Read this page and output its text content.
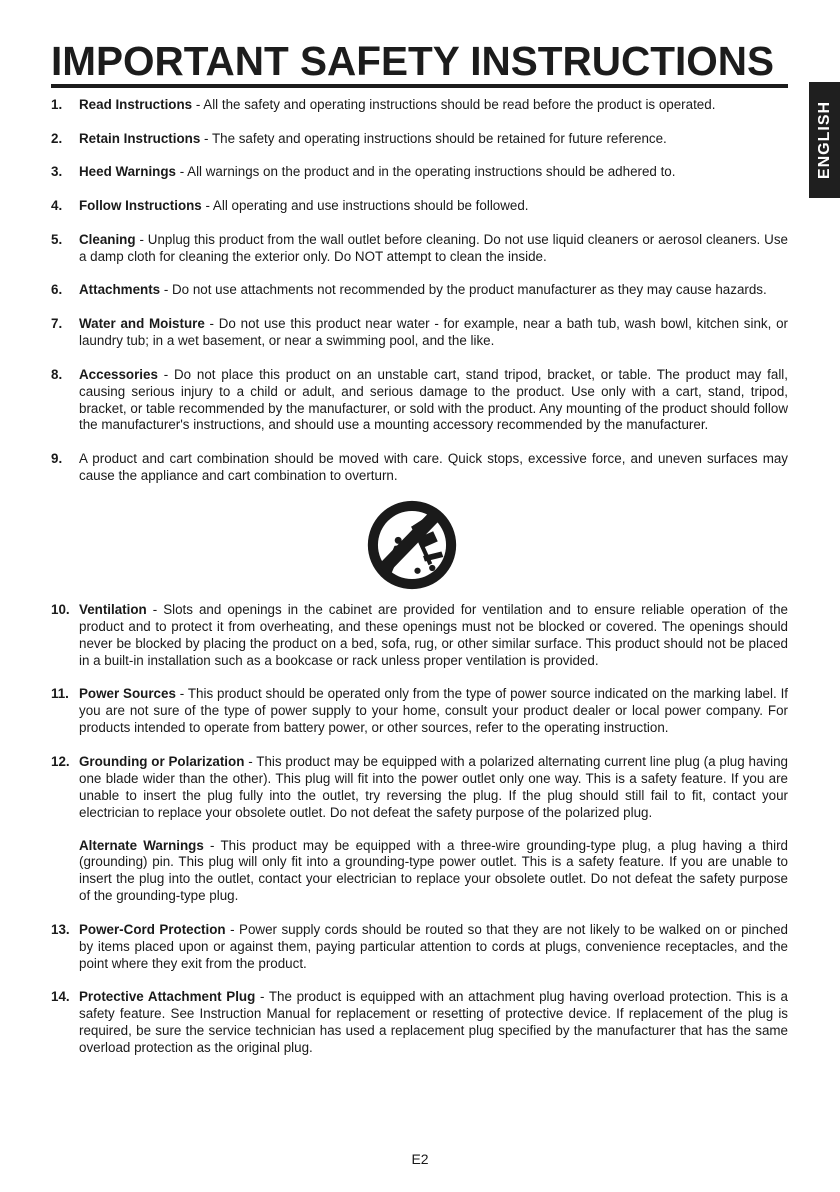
IMPORTANT SAFETY INSTRUCTIONS
ENGLISH
1. Read Instructions - All the safety and operating instructions should be read before the product is operated.
2. Retain Instructions - The safety and operating instructions should be retained for future reference.
3. Heed Warnings - All warnings on the product and in the operating instructions should be adhered to.
4. Follow Instructions - All operating and use instructions should be followed.
5. Cleaning - Unplug this product from the wall outlet before cleaning. Do not use liquid cleaners or aerosol cleaners. Use a damp cloth for cleaning the exterior only. Do NOT attempt to clean the inside.
6. Attachments - Do not use attachments not recommended by the product manufacturer as they may cause hazards.
7. Water and Moisture - Do not use this product near water - for example, near a bath tub, wash bowl, kitchen sink, or laundry tub; in a wet basement, or near a swimming pool, and the like.
8. Accessories - Do not place this product on an unstable cart, stand tripod, bracket, or table. The product may fall, causing serious injury to a child or adult, and serious damage to the product. Use only with a cart, stand, tripod, bracket, or table recommended by the manufacturer, or sold with the product. Any mounting of the product should follow the manufacturer's instructions, and should use a mounting accessory recommended by the manufacturer.
9. A product and cart combination should be moved with care. Quick stops, excessive force, and uneven surfaces may cause the appliance and cart combination to overturn.
10. Ventilation - Slots and openings in the cabinet are provided for ventilation and to ensure reliable operation of the product and to protect it from overheating, and these openings must not be blocked or covered. The openings should never be blocked by placing the product on a bed, sofa, rug, or other similar surface. This product should not be placed in a built-in installation such as a bookcase or rack unless proper ventilation is provided.
11. Power Sources - This product should be operated only from the type of power source indicated on the marking label. If you are not sure of the type of power supply to your home, consult your product dealer or local power company. For products intended to operate from battery power, or other sources, refer to the operating instruction.
12. Grounding or Polarization - This product may be equipped with a polarized alternating current line plug (a plug having one blade wider than the other). This plug will fit into the power outlet only one way. This is a safety feature. If you are unable to insert the plug fully into the outlet, try reversing the plug. If the plug should still fail to fit, contact your electrician to replace your obsolete outlet. Do not defeat the safety purpose of the polarized plug.
Alternate Warnings - This product may be equipped with a three-wire grounding-type plug, a plug having a third (grounding) pin. This plug will only fit into a grounding-type power outlet. This is a safety feature. If you are unable to insert the plug into the outlet, contact your electrician to replace your obsolete outlet. Do not defeat the safety purpose of the grounding-type plug.
13. Power-Cord Protection - Power supply cords should be routed so that they are not likely to be walked on or pinched by items placed upon or against them, paying particular attention to cords at plugs, convenience receptacles, and the point where they exit from the product.
14. Protective Attachment Plug - The product is equipped with an attachment plug having overload protection. This is a safety feature. See Instruction Manual for replacement or resetting of protective device. If replacement of the plug is required, be sure the service technician has used a replacement plug specified by the manufacturer that has the same overload protection as the original plug.
E2
